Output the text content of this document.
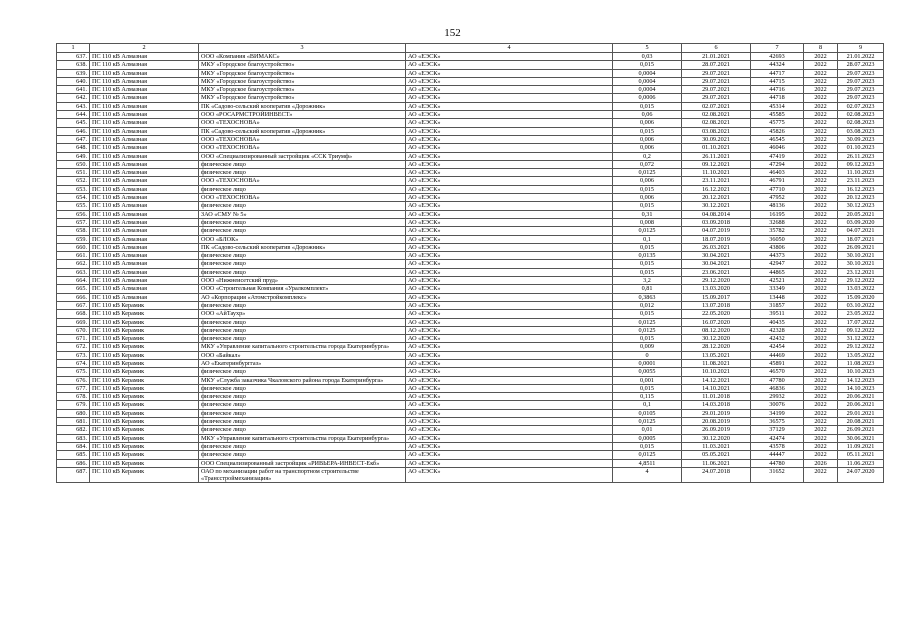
152
1	2	3	4	5	6	7	8	9
637.	ПС 110 кВ Алмазная	ООО «Компания «ВИМАКС»	АО «ЕЭСК»	0,03	21.01.2021	42693	2022	21.01.2022
638.	ПС 110 кВ Алмазная	МКУ «Городское благоустройство»	АО «ЕЭСК»	0,015	28.07.2021	44324	2022	28.07.2023
639.	ПС 110 кВ Алмазная	МКУ «Городское благоустройство»	АО «ЕЭСК»	0,0004	29.07.2021	44717	2022	29.07.2023
640.	ПС 110 кВ Алмазная	МКУ «Городское благоустройство»	АО «ЕЭСК»	0,0004	29.07.2021	44715	2022	29.07.2023
641.	ПС 110 кВ Алмазная	МКУ «Городское благоустройство»	АО «ЕЭСК»	0,0004	29.07.2021	44716	2022	29.07.2023
642.	ПС 110 кВ Алмазная	МКУ «Городское благоустройство»	АО «ЕЭСК»	0,0006	29.07.2021	44718	2022	29.07.2023
643.	ПС 110 кВ Алмазная	ПК «Садово-сельский кооператив «Дорожник»	АО «ЕЭСК»	0,015	02.07.2021	45314	2022	02.07.2023
644.	ПС 110 кВ Алмазная	ООО «РОСАРМСТРОЙИНВЕСТ»	АО «ЕЭСК»	0,06	02.08.2021	45585	2022	02.08.2023
645.	ПС 110 кВ Алмазная	ООО «ТЕХОСНОВА»	АО «ЕЭСК»	0,006	02.08.2021	45775	2022	02.08.2023
646.	ПС 110 кВ Алмазная	ПК «Садово-сельский кооператив «Дорожник»	АО «ЕЭСК»	0,015	03.08.2021	45826	2022	03.08.2023
647.	ПС 110 кВ Алмазная	ООО «ТЕХОСНОВА»	АО «ЕЭСК»	0,006	30.09.2021	46545	2022	30.09.2023
648.	ПС 110 кВ Алмазная	ООО «ТЕХОСНОВА»	АО «ЕЭСК»	0,006	01.10.2021	46046	2022	01.10.2023
649.	ПС 110 кВ Алмазная	ООО «Специализированный застройщик «ССК Триумф»	АО «ЕЭСК»	0,2	26.11.2021	47419	2022	26.11.2023
650.	ПС 110 кВ Алмазная	физическое лицо	АО «ЕЭСК»	0,072	09.12.2021	47294	2022	09.12.2023
651.	ПС 110 кВ Алмазная	физическое лицо	АО «ЕЭСК»	0,0125	11.10.2021	46403	2022	11.10.2023
652.	ПС 110 кВ Алмазная	ООО «ТЕХОСНОВА»	АО «ЕЭСК»	0,006	23.11.2021	46791	2022	23.11.2023
653.	ПС 110 кВ Алмазная	физическое лицо	АО «ЕЭСК»	0,015	16.12.2021	47710	2022	16.12.2023
654.	ПС 110 кВ Алмазная	ООО «ТЕХОСНОВА»	АО «ЕЭСК»	0,006	20.12.2021	47952	2022	20.12.2023
655.	ПС 110 кВ Алмазная	физическое лицо	АО «ЕЭСК»	0,015	30.12.2021	48136	2022	30.12.2023
656.	ПС 110 кВ Алмазная	ЗАО «СМУ № 5»	АО «ЕЭСК»	0,31	04.08.2014	16195	2022	20.05.2021
657.	ПС 110 кВ Алмазная	физическое лицо	АО «ЕЭСК»	0,008	03.09.2018	32688	2022	03.09.2020
658.	ПС 110 кВ Алмазная	физическое лицо	АО «ЕЭСК»	0,0125	04.07.2019	35782	2022	04.07.2021
659.	ПС 110 кВ Алмазная	ООО «БЛОК»	АО «ЕЭСК»	0,1	18.07.2019	36050	2022	18.07.2021
660.	ПС 110 кВ Алмазная	ПК «Садово-сельский кооператив «Дорожник»	АО «ЕЭСК»	0,015	26.03.2021	43806	2022	26.09.2021
661.	ПС 110 кВ Алмазная	физическое лицо	АО «ЕЭСК»	0,0135	30.04.2021	44373	2022	30.10.2021
662.	ПС 110 кВ Алмазная	физическое лицо	АО «ЕЭСК»	0,015	30.04.2021	42947	2022	30.10.2021
663.	ПС 110 кВ Алмазная	физическое лицо	АО «ЕЭСК»	0,015	23.06.2021	44865	2022	23.12.2021
664.	ПС 110 кВ Алмазная	ООО «Нижнеисетский пруд»	АО «ЕЭСК»	3,2	29.12.2020	42521	2022	29.12.2022
665.	ПС 110 кВ Алмазная	ООО «Строительная Компания «Уралкомплект»	АО «ЕЭСК»	0,81	13.03.2020	33349	2022	13.03.2022
666.	ПС 110 кВ Алмазная	АО «Корпорация «Атомстройкомплекс»	АО «ЕЭСК»	0,3863	15.09.2017	13448	2022	15.09.2020
667.	ПС 110 кВ Керамик	физическое лицо	АО «ЕЭСК»	0,012	13.07.2018	31857	2022	03.10.2022
668.	ПС 110 кВ Керамик	ООО «АйТаухр»	АО «ЕЭСК»	0,015	22.05.2020	39511	2022	23.05.2022
669.	ПС 110 кВ Керамик	физическое лицо	АО «ЕЭСК»	0,0125	16.07.2020	40435	2022	17.07.2022
670.	ПС 110 кВ Керамик	физическое лицо	АО «ЕЭСК»	0,0125	08.12.2020	42328	2022	09.12.2022
671.	ПС 110 кВ Керамик	физическое лицо	АО «ЕЭСК»	0,015	30.12.2020	42432	2022	31.12.2022
672.	ПС 110 кВ Керамик	МКУ «Управление капитального строительства города Екатеринбурга»	АО «ЕЭСК»	0,009	28.12.2020	42454	2022	29.12.2022
673.	ПС 110 кВ Керамик	ООО «Байкал»	АО «ЕЭСК»	0	13.05.2021	44469	2022	13.05.2022
674.	ПС 110 кВ Керамик	АО «Екатеринбурггаз»	АО «ЕЭСК»	0,0001	11.08.2021	45891	2022	11.08.2023
675.	ПС 110 кВ Керамик	физическое лицо	АО «ЕЭСК»	0,0055	10.10.2021	46570	2022	10.10.2023
676.	ПС 110 кВ Керамик	МКУ «Служба заказчика Чкаловского района города Екатеринбурга»	АО «ЕЭСК»	0,001	14.12.2021	47780	2022	14.12.2023
677.	ПС 110 кВ Керамик	физическое лицо	АО «ЕЭСК»	0,015	14.10.2021	46836	2022	14.10.2023
678.	ПС 110 кВ Керамик	физическое лицо	АО «ЕЭСК»	0,115	11.01.2018	29932	2022	20.06.2021
679.	ПС 110 кВ Керамик	физическое лицо	АО «ЕЭСК»	0,1	14.03.2018	30076	2022	20.06.2021
680.	ПС 110 кВ Керамик	физическое лицо	АО «ЕЭСК»	0,0105	29.01.2019	34199	2022	29.01.2021
681.	ПС 110 кВ Керамик	физическое лицо	АО «ЕЭСК»	0,0125	20.08.2019	36575	2022	20.08.2021
682.	ПС 110 кВ Керамик	физическое лицо	АО «ЕЭСК»	0,01	26.09.2019	37129	2022	26.09.2021
683.	ПС 110 кВ Керамик	МКУ «Управление капитального строительства города Екатеринбурга»	АО «ЕЭСК»	0,0005	30.12.2020	42474	2022	30.06.2021
684.	ПС 110 кВ Керамик	физическое лицо	АО «ЕЭСК»	0,015	11.03.2021	43578	2022	11.09.2021
685.	ПС 110 кВ Керамик	физическое лицо	АО «ЕЭСК»	0,0125	05.05.2021	44447	2022	05.11.2021
686.	ПС 110 кВ Керамик	ООО Специализированный застройщик «РИВЬЕРА-ИНВЕСТ-Екб»	АО «ЕЭСК»	4,8511	11.06.2021	44780	2026	11.06.2023
687.	ПС 110 кВ Керамик	ОАО по механизации работ на транспортном строительстве «Трансстроймеханизация»	АО «ЕЭСК»	4	24.07.2018	31652	2022	24.07.2020
